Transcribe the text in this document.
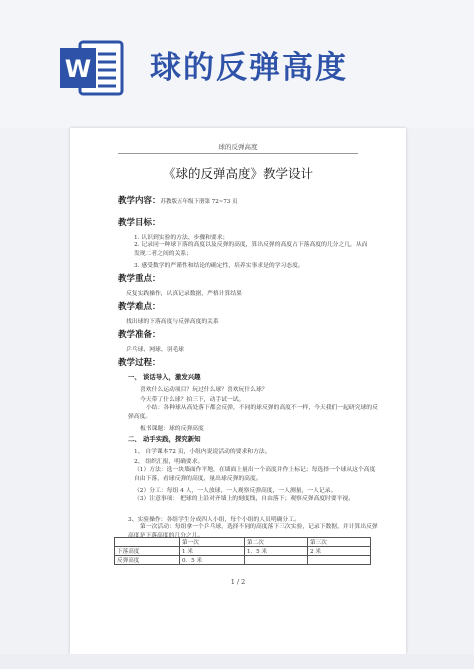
W 球的反弹高度
球的反弹高度
《球的反弹高度》教学设计
教学内容：苏教版五年级下册第 72~73 页
教学目标：
1. 认识到实验的方法、步骤和要求；
2. 记录同一种球下落的高度以及反弹的高度，算出反弹的高度占下落高度的几分之几，从而发现二者之间的关系；
3. 感受数学的严谨性和结论的确定性，培养实事求是的学习态度。
教学重点：
反复实践操作，认真记录数据，严格计算结果
教学难点：
找出球的下落高度与反弹高度的关系
教学准备：
乒乓球、网球、羽毛球
教学过程：
一、 谈话导入，激发兴趣
喜欢什么运动项目？玩过什么球？喜欢玩什么球？
今天带了什么球？拍三下，动手试一试。
小结：各种球从高处落下都会反弹，不同的球反弹的高度不一样，今天我们一起研究球的反弹高度。
板书课题：球的反弹高度
二、 动手实践，探究新知
1、 自学课本72 页，小组内说说活动的要求和方法。
2、 组织汇报，明确要求。
（1）方法：选一块墙面作平地，在墙面上量出一个高度并作上标记；每选择一个球从这个高度自由下落，看球反弹的高度，量出球反弹的高度。
（2）分工：每组 4 人，一人放球，一人观察反弹高度，一人测量，一人记录。
（3）注意事项： 把球的上沿对齐墙上的刻度线，自由落下；观察反弹高度时要平视。
3、实验操作：各组学生分成四人小组，每个小组的人员明确分工。
第一次活动：每组拿一个乒乓球，选择不同的高度落下三次实验，记录下数据，并计算出反弹高度是下落高度的几分之几。
	第一次	第二次	第三次
下落高度	1 米	1．5 米	2 米
反弹高度	0．5 米		
1 / 2
